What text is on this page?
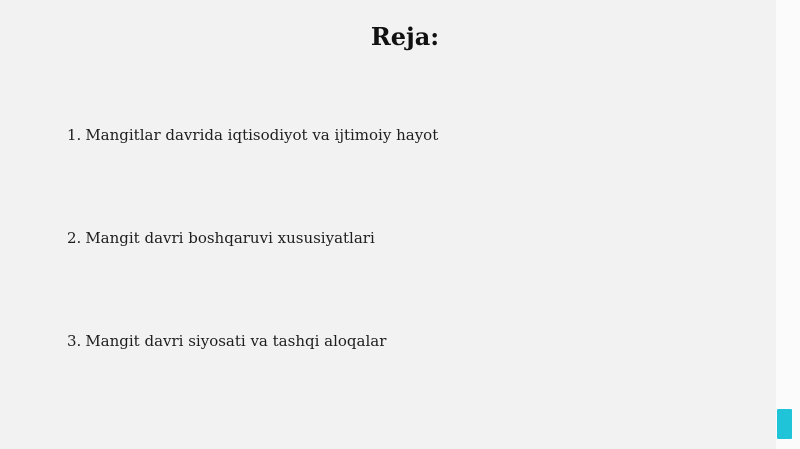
Reja:
1. Mangitlar davrida iqtisodiyot va ijtimoiy hayot
2. Mangit davri boshqaruvi xususiyatlari
3. Mangit davri siyosati va tashqi aloqalar
